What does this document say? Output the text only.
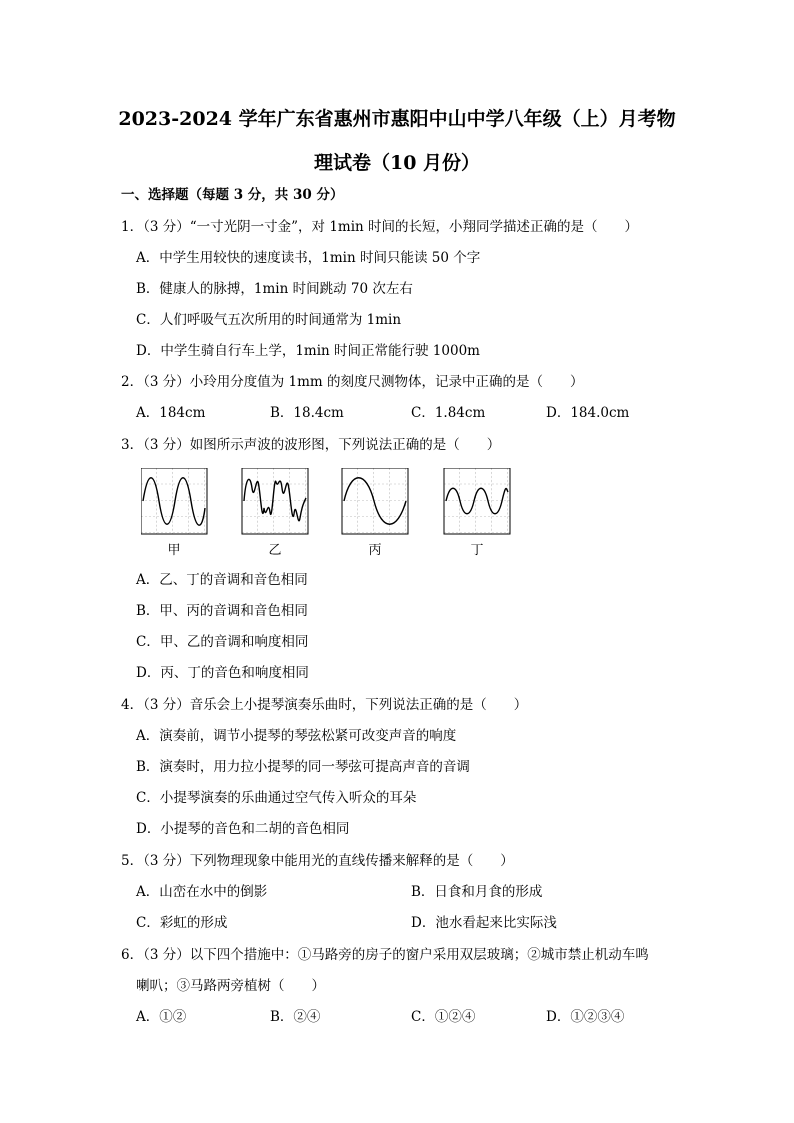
2023-2024 学年广东省惠州市惠阳中山中学八年级（上）月考物
理试卷（10 月份）
一、选择题（每题 3 分，共 30 分）
1．（3 分）“一寸光阴一寸金”，对 1min 时间的长短，小翔同学描述正确的是（　　）
A．中学生用较快的速度读书，1min 时间只能读 50 个字
B．健康人的脉搏，1min 时间跳动 70 次左右
C．人们呼吸气五次所用的时间通常为 1min
D．中学生骑自行车上学，1min 时间正常能行驶 1000m
2．（3 分）小玲用分度值为 1mm 的刻度尺测物体，记录中正确的是（　　）
A．184cm	B．18.4cm	C．1.84cm	D．184.0cm
3．（3 分）如图所示声波的波形图，下列说法正确的是（　　）
甲	乙	丙	丁
A．乙、丁的音调和音色相同
B．甲、丙的音调和音色相同
C．甲、乙的音调和响度相同
D．丙、丁的音色和响度相同
4．（3 分）音乐会上小提琴演奏乐曲时，下列说法正确的是（　　）
A．演奏前，调节小提琴的琴弦松紧可改变声音的响度
B．演奏时，用力拉小提琴的同一琴弦可提高声音的音调
C．小提琴演奏的乐曲通过空气传入听众的耳朵
D．小提琴的音色和二胡的音色相同
5．（3 分）下列物理现象中能用光的直线传播来解释的是（　　）
A．山峦在水中的倒影	B．日食和月食的形成
C．彩虹的形成	D．池水看起来比实际浅
6．（3 分）以下四个措施中：①马路旁的房子的窗户采用双层玻璃；②城市禁止机动车鸣
喇叭；③马路两旁植树（　　）
A．①②	B．②④	C．①②④	D．①②③④
